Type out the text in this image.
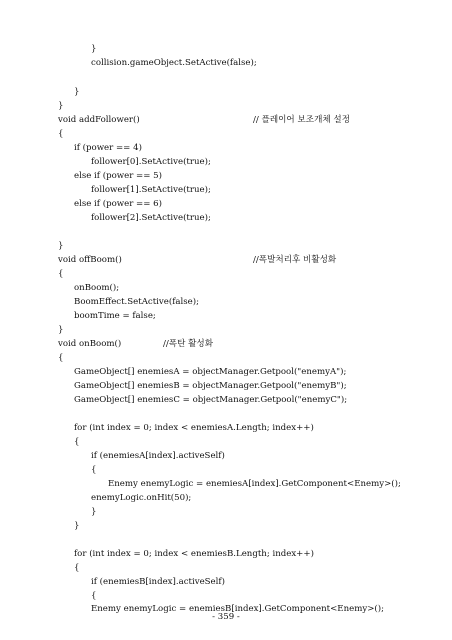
}
collision.gameObject.SetActive(false);
}
}
void addFollower()	// 플레이어 보조개체 설정
{
if (power == 4)
follower[0].SetActive(true);
else if (power == 5)
follower[1].SetActive(true);
else if (power == 6)
follower[2].SetActive(true);
}
void offBoom()	//폭발처리후 비활성화
{
onBoom();
BoomEffect.SetActive(false);
boomTime = false;
}
void onBoom()	//폭탄 활성화
{
GameObject[] enemiesA = objectManager.Getpool("enemyA");
GameObject[] enemiesB = objectManager.Getpool("enemyB");
GameObject[] enemiesC = objectManager.Getpool("enemyC");
for (int index = 0; index < enemiesA.Length; index++)
{
if (enemiesA[index].activeSelf)
{
Enemy enemyLogic = enemiesA[index].GetComponent<Enemy>();
enemyLogic.onHit(50);
}
}
for (int index = 0; index < enemiesB.Length; index++)
{
if (enemiesB[index].activeSelf)
{
Enemy enemyLogic = enemiesB[index].GetComponent<Enemy>();
- 359 -
